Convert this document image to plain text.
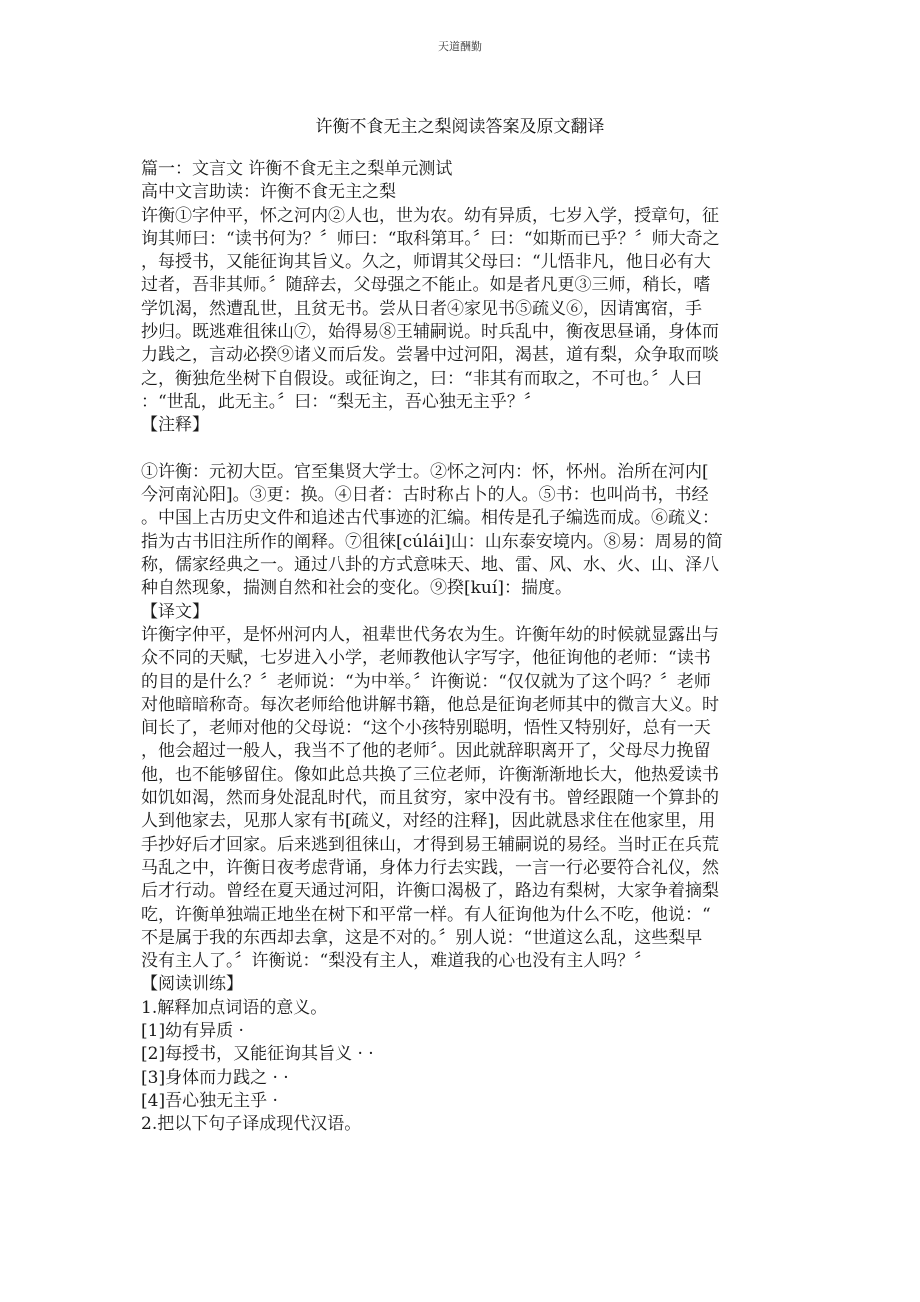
天道酬勤
许衡不食无主之梨阅读答案及原文翻译

篇一：文言文 许衡不食无主之梨单元测试

高中文言助读：许衡不食无主之梨

许衡①字仲平，怀之河内②人也，世为农。幼有异质，七岁入学，授章句，征

询其师曰：“读书何为？〞师曰：“取科第耳。〞曰：“如斯而已乎？〞师大奇之

，每授书，又能征询其旨义。久之，师谓其父母曰：“儿悟非凡，他日必有大

过者，吾非其师。〞随辞去，父母强之不能止。如是者凡更③三师，稍长，嗜

学饥渴，然遭乱世，且贫无书。尝从日者④家见书⑤疏义⑥，因请寓宿，手

抄归。既逃难徂徕山⑦，始得易⑧王辅嗣说。时兵乱中，衡夜思昼诵，身体而

力践之，言动必揆⑨诸义而后发。尝暑中过河阳，渴甚，道有梨，众争取而啖

之，衡独危坐树下自假设。或征询之，曰：“非其有而取之，不可也。〞人曰

：“世乱，此无主。〞曰：“梨无主，吾心独无主乎？〞

【注释】

①许衡：元初大臣。官至集贤大学士。②怀之河内：怀，怀州。治所在河内[

今河南沁阳]。③更：换。④日者：古时称占卜的人。⑤书：也叫尚书，书经

。中国上古历史文件和追述古代事迹的汇编。相传是孔子编选而成。⑥疏义：

指为古书旧注所作的阐释。⑦徂徕[cúlái]山：山东泰安境内。⑧易：周易的简

称，儒家经典之一。通过八卦的方式意味天、地、雷、风、水、火、山、泽八

种自然现象，揣测自然和社会的变化。⑨揆[kuí]：揣度。

【译文】

许衡字仲平，是怀州河内人，祖辈世代务农为生。许衡年幼的时候就显露出与

众不同的天赋，七岁进入小学，老师教他认字写字，他征询他的老师：“读书

的目的是什么？〞老师说：“为中举。〞许衡说：“仅仅就为了这个吗？〞老师

对他暗暗称奇。每次老师给他讲解书籍，他总是征询老师其中的微言大义。时

间长了，老师对他的父母说：“这个小孩特别聪明，悟性又特别好，总有一天

，他会超过一般人，我当不了他的老师〞。因此就辞职离开了，父母尽力挽留

他，也不能够留住。像如此总共换了三位老师，许衡渐渐地长大，他热爱读书

如饥如渴，然而身处混乱时代，而且贫穷，家中没有书。曾经跟随一个算卦的

人到他家去，见那人家有书[疏义，对经的注释]，因此就恳求住在他家里，用

手抄好后才回家。后来逃到徂徕山，才得到易王辅嗣说的易经。当时正在兵荒

马乱之中，许衡日夜考虑背诵，身体力行去实践，一言一行必要符合礼仪，然

后才行动。曾经在夏天通过河阳，许衡口渴极了，路边有梨树，大家争着摘梨

吃，许衡单独端正地坐在树下和平常一样。有人征询他为什么不吃，他说：“

不是属于我的东西却去拿，这是不对的。〞别人说：“世道这么乱，这些梨早

没有主人了。〞许衡说：“梨没有主人，难道我的心也没有主人吗？〞

【阅读训练】

1.解释加点词语的意义。

[1]幼有异质 ·

[2]每授书，又能征询其旨义 · ·

[3]身体而力践之 · ·

[4]吾心独无主乎 ·

2.把以下句子译成现代汉语。
